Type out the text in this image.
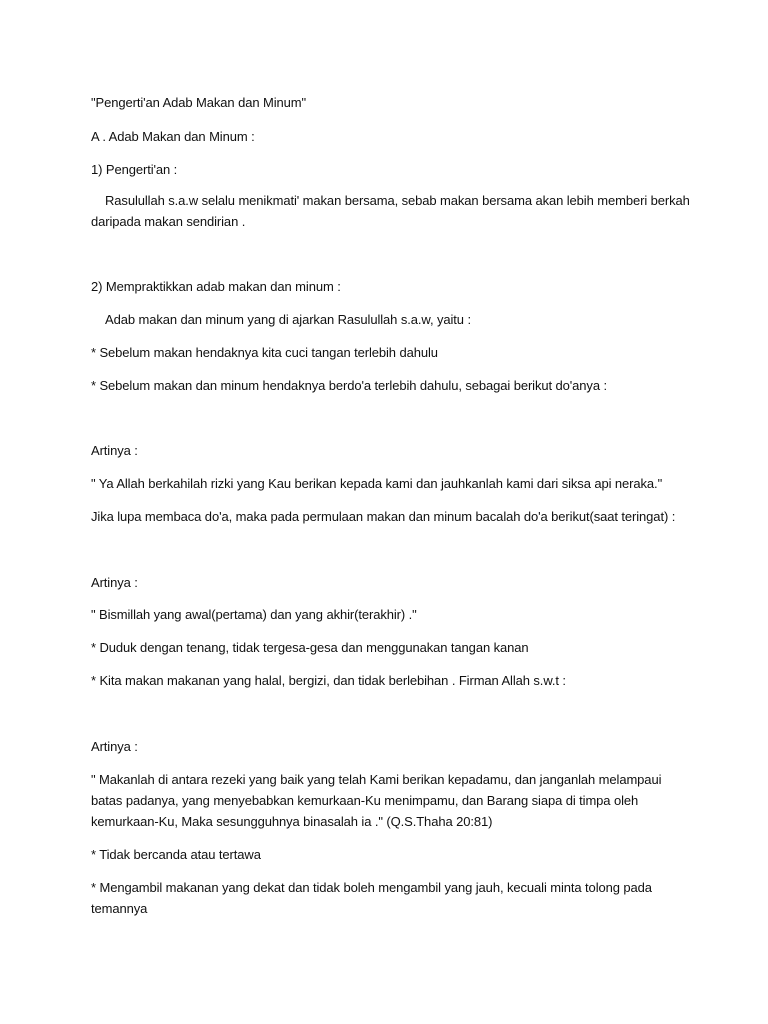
"Pengerti'an Adab Makan dan Minum"
A . Adab Makan dan Minum :
1) Pengerti'an :
Rasulullah s.a.w selalu menikmati' makan bersama, sebab makan bersama akan lebih memberi berkah
daripada makan sendirian .
2) Mempraktikkan adab makan dan minum :
Adab makan dan minum yang di ajarkan Rasulullah s.a.w, yaitu :
* Sebelum makan hendaknya kita cuci tangan terlebih dahulu
* Sebelum makan dan minum hendaknya berdo'a terlebih dahulu, sebagai berikut do'anya :
Artinya :
" Ya Allah berkahilah rizki yang Kau berikan kepada kami dan jauhkanlah kami dari siksa api neraka."
Jika lupa membaca do'a, maka pada permulaan makan dan minum bacalah do'a berikut(saat teringat) :
Artinya :
" Bismillah yang awal(pertama) dan yang akhir(terakhir) ."
* Duduk dengan tenang, tidak tergesa-gesa dan menggunakan tangan kanan
* Kita makan makanan yang halal, bergizi, dan tidak berlebihan . Firman Allah s.w.t :
Artinya :
" Makanlah di antara rezeki yang baik yang telah Kami berikan kepadamu, dan janganlah melampaui
batas padanya, yang menyebabkan kemurkaan-Ku menimpamu, dan Barang siapa di timpa oleh
kemurkaan-Ku, Maka sesungguhnya binasalah ia ." (Q.S.Thaha 20:81)
* Tidak bercanda atau tertawa
* Mengambil makanan yang dekat dan tidak boleh mengambil yang jauh, kecuali minta tolong pada
temannya
